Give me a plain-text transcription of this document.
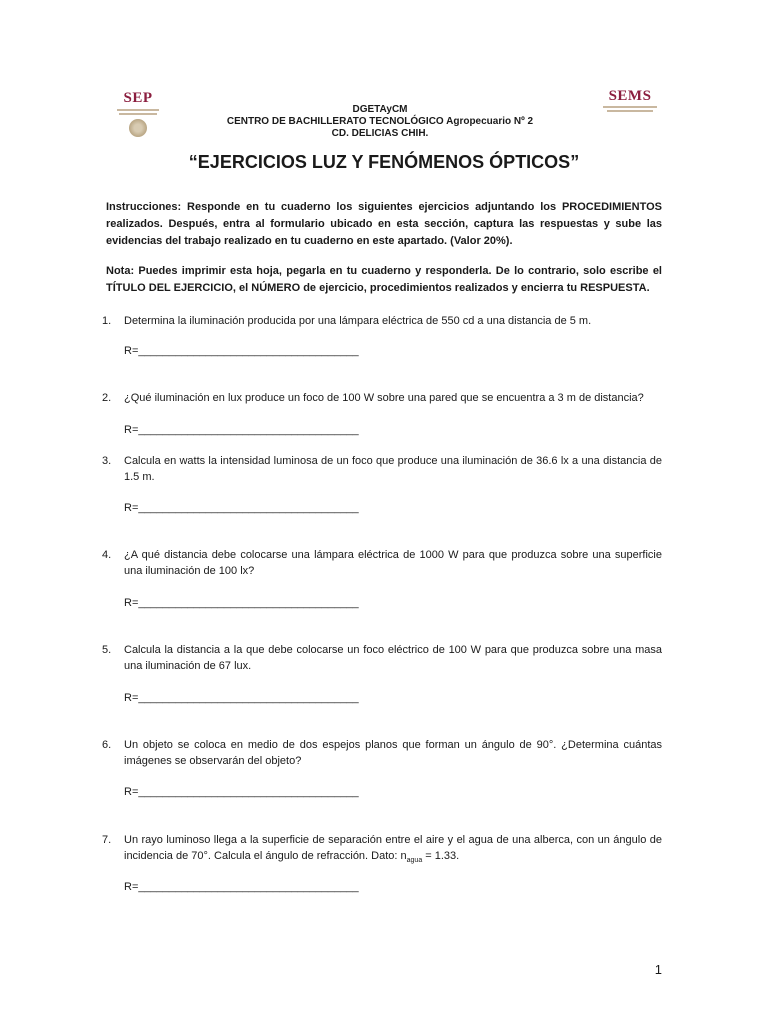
SEP	SEMS
DGETAyCM
CENTRO DE BACHILLERATO TECNOLÓGICO Agropecuario Nº 2
CD. DELICIAS CHIH.
“EJERCICIOS LUZ Y FENÓMENOS ÓPTICOS”
Instrucciones: Responde en tu cuaderno los siguientes ejercicios adjuntando los PROCEDIMIENTOS realizados. Después, entra al formulario ubicado en esta sección, captura las respuestas y sube las evidencias del trabajo realizado en tu cuaderno en este apartado. (Valor 20%).
Nota: Puedes imprimir esta hoja, pegarla en tu cuaderno y responderla. De lo contrario, solo escribe el TÍTULO DEL EJERCICIO, el NÚMERO de ejercicio, procedimientos realizados y encierra tu RESPUESTA.
1.	Determina la iluminación producida por una lámpara eléctrica de 550 cd a una distancia de 5 m.
R=____________________________________
2.	¿Qué iluminación en lux produce un foco de 100 W sobre una pared que se encuentra a 3 m de distancia?
R=____________________________________
3.	Calcula en watts la intensidad luminosa de un foco que produce una iluminación de 36.6 lx a una distancia de 1.5 m.
R=____________________________________
4.	¿A qué distancia debe colocarse una lámpara eléctrica de 1000 W para que produzca sobre una superficie una iluminación de 100 lx?
R=____________________________________
5.	Calcula la distancia a la que debe colocarse un foco eléctrico de 100 W para que produzca sobre una masa una iluminación de 67 lux.
R=____________________________________
6.	Un objeto se coloca en medio de dos espejos planos que forman un ángulo de 90°. ¿Determina cuántas imágenes se observarán del objeto?
R=____________________________________
7.	Un rayo luminoso llega a la superficie de separación entre el aire y el agua de una alberca, con un ángulo de incidencia de 70°. Calcula el ángulo de refracción. Dato: $n_{agua} = 1.33$.
R=____________________________________
1
